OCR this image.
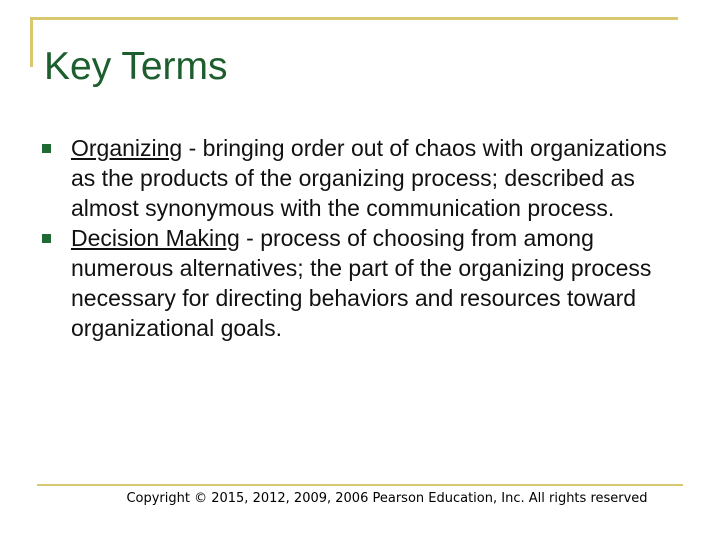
Key Terms
Organizing - bringing order out of chaos with organizations as the products of the organizing process; described as almost synonymous with the communication process.
Decision Making - process of choosing from among numerous alternatives; the part of the organizing process necessary for directing behaviors and resources toward organizational goals.
Copyright © 2015, 2012, 2009, 2006 Pearson Education, Inc. All rights reserved
